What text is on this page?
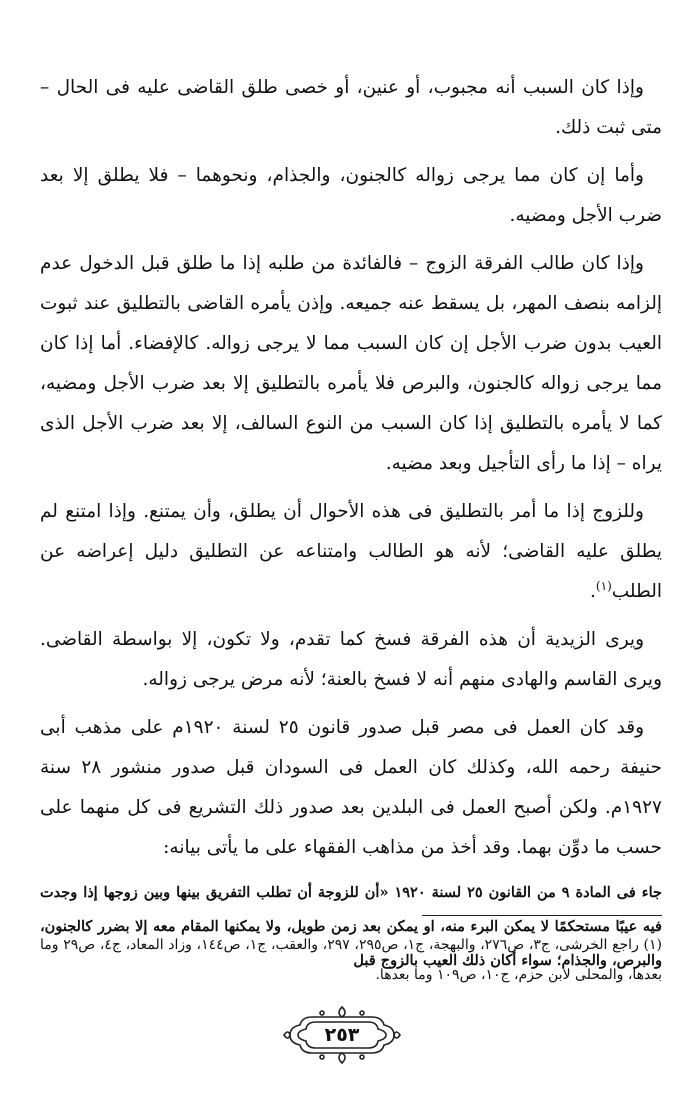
وإذا كان السبب أنه مجبوب، أو عنين، أو خصى طلق القاضى عليه فى الحال – متى ثبت ذلك.

وأما إن كان مما يرجى زواله كالجنون، والجذام، ونحوهما – فلا يطلق إلا بعد ضرب الأجل ومضيه.

وإذا كان طالب الفرقة الزوج – فالفائدة من طلبه إذا ما طلق قبل الدخول عدم إلزامه بنصف المهر، بل يسقط عنه جميعه. وإذن يأمره القاضى بالتطليق عند ثبوت العيب بدون ضرب الأجل إن كان السبب مما لا يرجى زواله. كالإفضاء. أما إذا كان مما يرجى زواله كالجنون، والبرص فلا يأمره بالتطليق إلا بعد ضرب الأجل ومضيه، كما لا يأمره بالتطليق إذا كان السبب من النوع السالف، إلا بعد ضرب الأجل الذى يراه – إذا ما رأى التأجيل وبعد مضيه.

وللزوج إذا ما أمر بالتطليق فى هذه الأحوال أن يطلق، وأن يمتنع. وإذا امتنع لم يطلق عليه القاضى؛ لأنه هو الطالب وامتناعه عن التطليق دليل إعراضه عن الطلب$^{(١)}$.

ويرى الزيدية أن هذه الفرقة فسخ كما تقدم، ولا تكون، إلا بواسطة القاضى. ويرى القاسم والهادى منهم أنه لا فسخ بالعنة؛ لأنه مرض يرجى زواله.

وقد كان العمل فى مصر قبل صدور قانون ٢٥ لسنة ١٩٢٠م على مذهب أبى حنيفة رحمه الله، وكذلك كان العمل فى السودان قبل صدور منشور ٢٨ سنة ١٩٢٧م. ولكن أصبح العمل فى البلدين بعد صدور ذلك التشريع فى كل منهما على حسب ما دوِّن بهما. وقد أخذ من مذاهب الفقهاء على ما يأتى بيانه:

جاء فى المادة ٩ من القانون ٢٥ لسنة ١٩٢٠ «أن للزوجة أن تطلب التفريق بينها وبين زوجها إذا وجدت فيه عيبًا مستحكمًا لا يمكن البرء منه، او يمكن بعد زمن طويل، ولا يمكنها المقام معه إلا بضرر كالجنون، والبرص، والجذام؛ سواء أكان ذلك العيب بالزوج قبل

(١) راجع الخرشى، ج٣، ص٢٧٦، والبهجة، ج١، ص٢٩٥، ٢٩٧، والعقب، ج١، ص١٤٤، وزاد المعاد، ج٤، ص٢٩ وما بعدها، والمحلى لابن حزم، ج١٠، ص١٠٩ وما بعدها.

٢٥٣
